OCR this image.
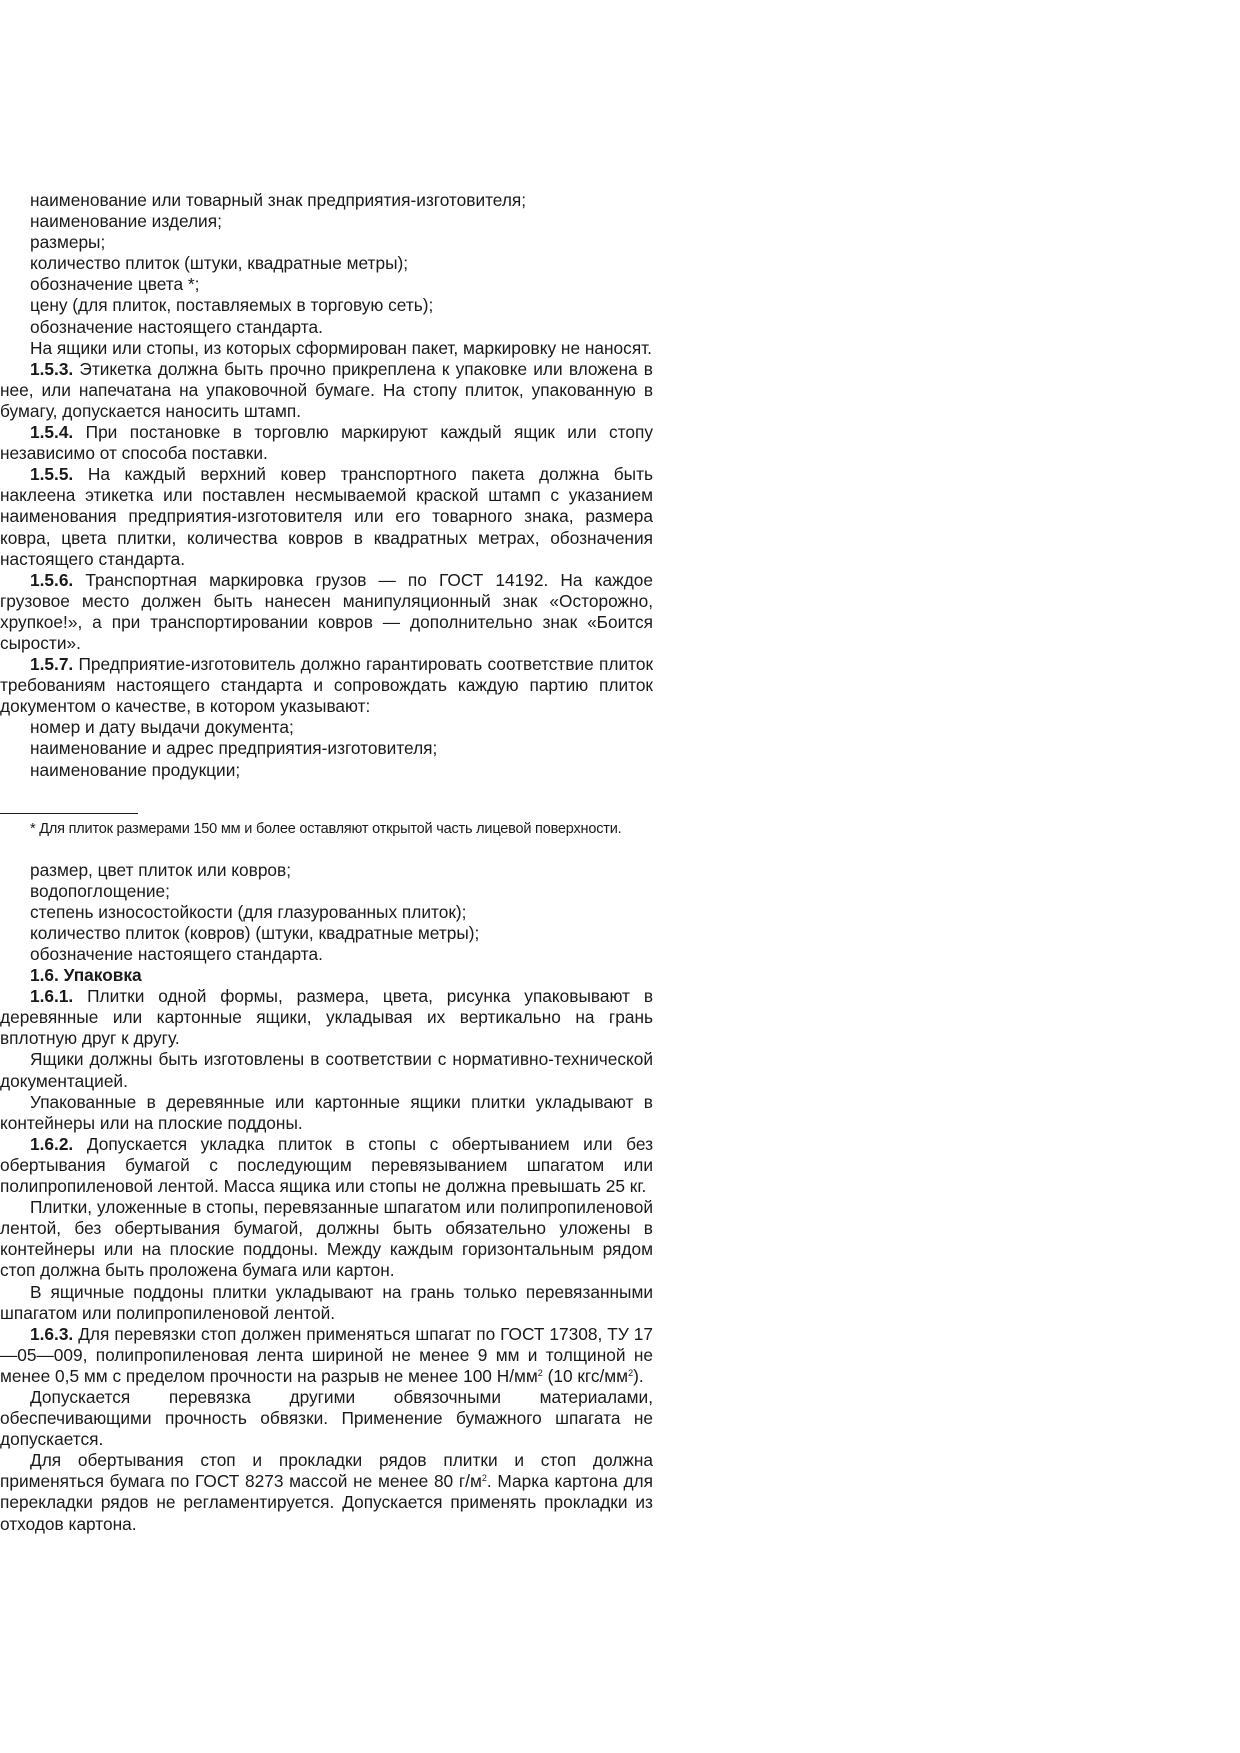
наименование или товарный знак предприятия-изготовителя;

наименование изделия;

размеры;

количество плиток (штуки, квадратные метры);

обозначение цвета *;

цену (для плиток, поставляемых в торговую сеть);

обозначение настоящего стандарта.

На ящики или стопы, из которых сформирован пакет, маркировку не наносят.

1.5.3. Этикетка должна быть прочно прикреплена к упаковке или вложена в нее, или напечатана на упаковочной бумаге. На стопу плиток, упакованную в бумагу, допускается наносить штамп.

1.5.4. При постановке в торговлю маркируют каждый ящик или стопу независимо от способа поставки.

1.5.5. На каждый верхний ковер транспортного пакета должна быть наклеена этикетка или поставлен несмываемой краской штамп с указанием наименования предприятия-изготовителя или его товарного знака, размера ковра, цвета плитки, количества ковров в квадратных метрах, обозначения настоящего стандарта.

1.5.6. Транспортная маркировка грузов — по ГОСТ 14192. На каждое грузовое место должен быть нанесен манипуляционный знак «Осторожно, хрупкое!», а при транспортировании ковров — дополнительно знак «Боится сырости».

1.5.7. Предприятие-изготовитель должно гарантировать соответствие плиток требованиям настоящего стандарта и сопровождать каждую партию плиток документом о качестве, в котором указывают:

номер и дату выдачи документа;

наименование и адрес предприятия-изготовителя;

наименование продукции;

* Для плиток размерами 150 мм и более оставляют открытой часть лицевой поверхности.

размер, цвет плиток или ковров;

водопоглощение;

степень износостойкости (для глазурованных плиток);

количество плиток (ковров) (штуки, квадратные метры);

обозначение настоящего стандарта.

1.6. Упаковка

1.6.1. Плитки одной формы, размера, цвета, рисунка упаковывают в деревянные или картонные ящики, укладывая их вертикально на грань вплотную друг к другу.

Ящики должны быть изготовлены в соответствии с нормативно-технической документацией.

Упакованные в деревянные или картонные ящики плитки укладывают в контейнеры или на плоские поддоны.

1.6.2. Допускается укладка плиток в стопы с обертыванием или без обертывания бумагой с последующим перевязыванием шпагатом или полипропиленовой лентой. Масса ящика или стопы не должна превышать 25 кг.

Плитки, уложенные в стопы, перевязанные шпагатом или полипропиленовой лентой, без обертывания бумагой, должны быть обязательно уложены в контейнеры или на плоские поддоны. Между каждым горизонтальным рядом стоп должна быть проложена бумага или картон.

В ящичные поддоны плитки укладывают на грань только перевязанными шпагатом или полипропиленовой лентой.

1.6.3. Для перевязки стоп должен применяться шпагат по ГОСТ 17308, ТУ 17—05—009, полипропиленовая лента шириной не менее 9 мм и толщиной не менее 0,5 мм с пределом прочности на разрыв не менее 100 $Н/мм^2$ (10 кгс/$мм^2$).

Допускается перевязка другими обвязочными материалами, обеспечивающими прочность обвязки. Применение бумажного шпагата не допускается.

Для обертывания стоп и прокладки рядов плитки и стоп должна применяться бумага по ГОСТ 8273 массой не менее 80 $г/м^2$. Марка картона для перекладки рядов не регламентируется. Допускается применять прокладки из отходов картона.
